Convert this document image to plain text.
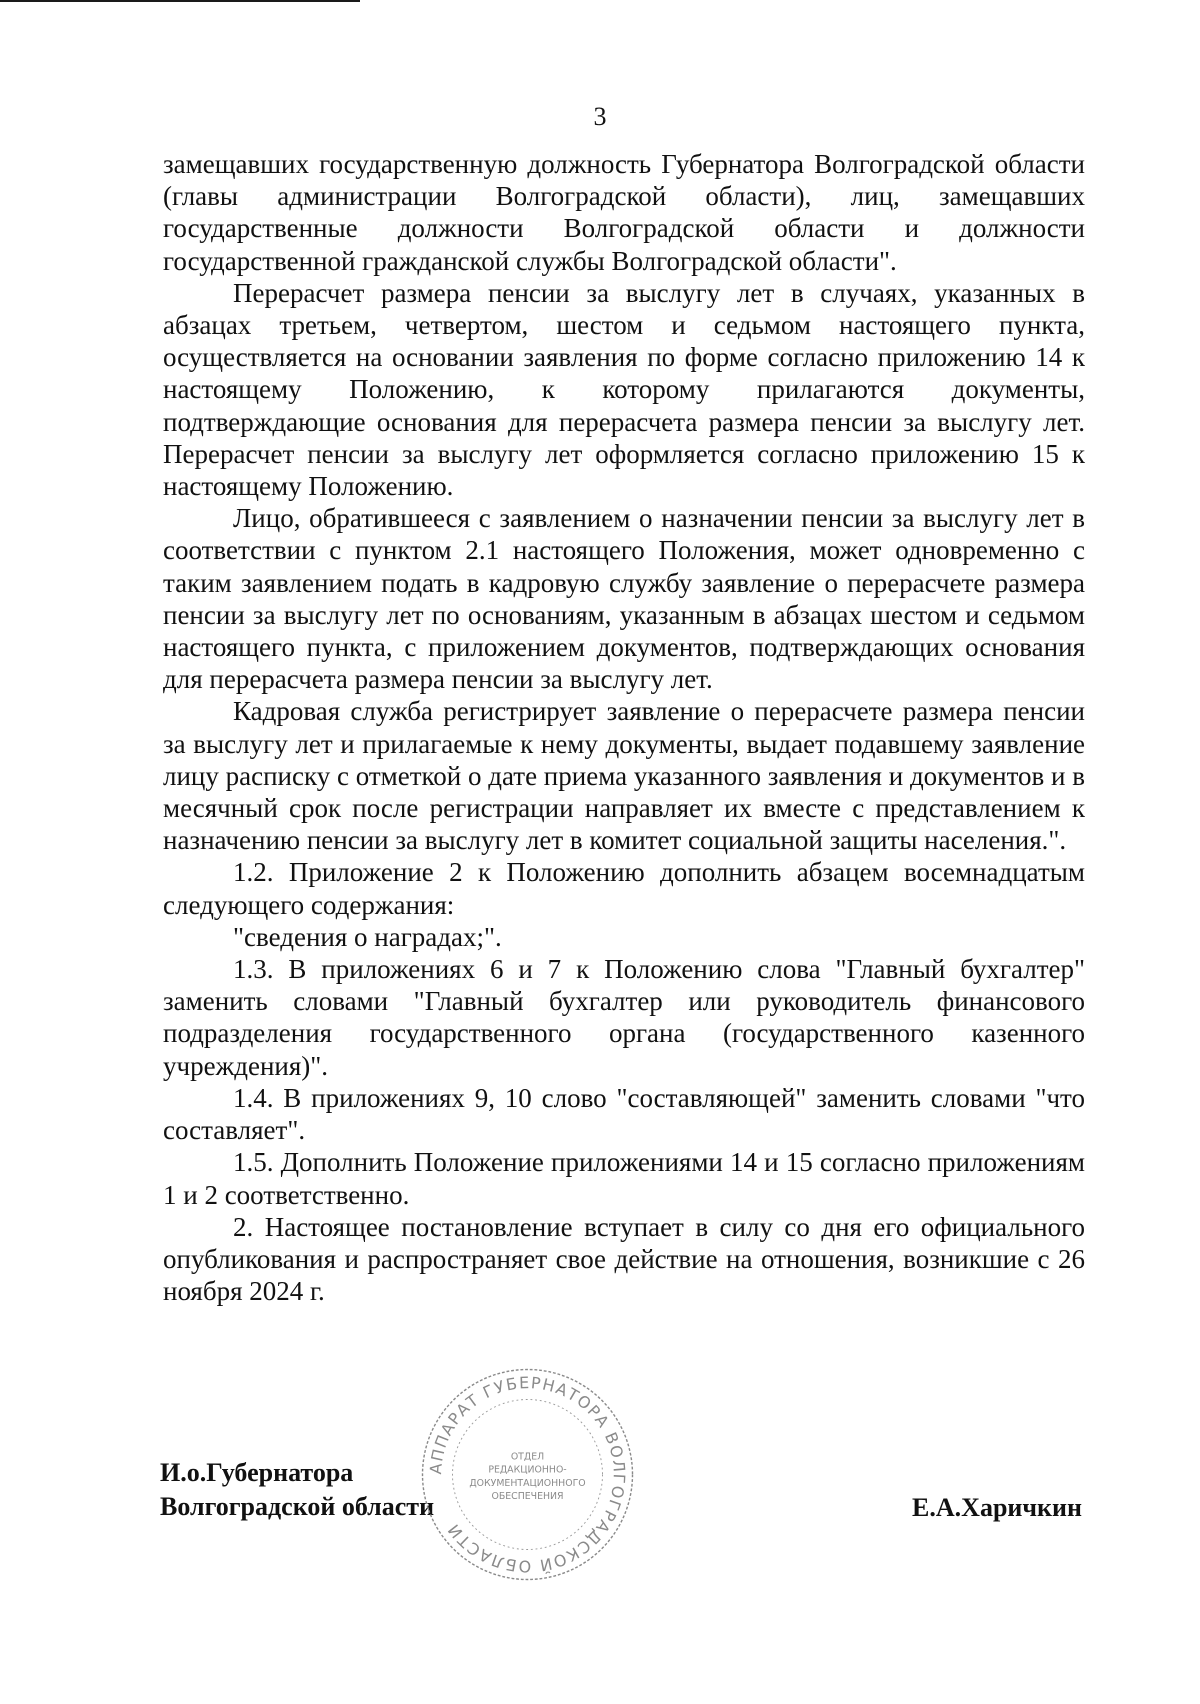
3

замещавших государственную должность Губернатора Волгоградской области (главы администрации Волгоградской области), лиц, замещавших государственные должности Волгоградской области и должности государственной гражданской службы Волгоградской области".

Перерасчет размера пенсии за выслугу лет в случаях, указанных в абзацах третьем, четвертом, шестом и седьмом настоящего пункта, осуществляется на основании заявления по форме согласно приложению 14 к настоящему Положению, к которому прилагаются документы, подтверждающие основания для перерасчета размера пенсии за выслугу лет. Перерасчет пенсии за выслугу лет оформляется согласно приложению 15 к настоящему Положению.

Лицо, обратившееся с заявлением о назначении пенсии за выслугу лет в соответствии с пунктом 2.1 настоящего Положения, может одновременно с таким заявлением подать в кадровую службу заявление о перерасчете размера пенсии за выслугу лет по основаниям, указанным в абзацах шестом и седьмом настоящего пункта, с приложением документов, подтверждающих основания для перерасчета размера пенсии за выслугу лет.

Кадровая служба регистрирует заявление о перерасчете размера пенсии за выслугу лет и прилагаемые к нему документы, выдает подавшему заявление лицу расписку с отметкой о дате приема указанного заявления и документов и в месячный срок после регистрации направляет их вместе с представлением к назначению пенсии за выслугу лет в комитет социальной защиты населения.".

1.2. Приложение 2 к Положению дополнить абзацем восемнадцатым следующего содержания:

"сведения о наградах;".

1.3. В приложениях 6 и 7 к Положению слова "Главный бухгалтер" заменить словами "Главный бухгалтер или руководитель финансового подразделения государственного органа (государственного казенного учреждения)".

1.4. В приложениях 9, 10 слово "составляющей" заменить словами "что составляет".

1.5. Дополнить Положение приложениями 14 и 15 согласно приложениям 1 и 2 соответственно.

2. Настоящее постановление вступает в силу со дня его официального опубликования и распространяет свое действие на отношения, возникшие с 26 ноября 2024 г.

И.о.Губернатора
Волгоградской области	Е.А.Харичкин
АППАРАТ ГУБЕРНАТОРА ВОЛГОГРАДСКОЙ ОБЛАСТИ
ОТДЕЛ
РЕДАКЦИОННО-
ДОКУМЕНТАЦИОННОГО
ОБЕСПЕЧЕНИЯ
